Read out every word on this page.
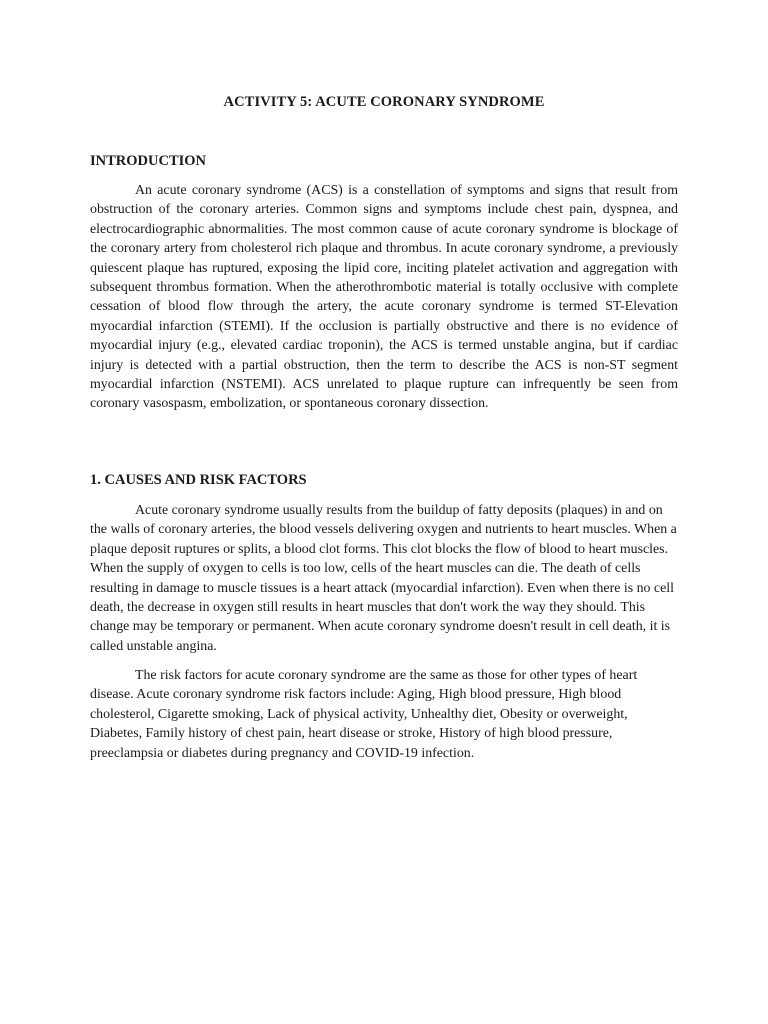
ACTIVITY 5: ACUTE CORONARY SYNDROME
INTRODUCTION

An acute coronary syndrome (ACS) is a constellation of symptoms and signs that result from obstruction of the coronary arteries. Common signs and symptoms include chest pain, dyspnea, and electrocardiographic abnormalities. The most common cause of acute coronary syndrome is blockage of the coronary artery from cholesterol rich plaque and thrombus. In acute coronary syndrome, a previously quiescent plaque has ruptured, exposing the lipid core, inciting platelet activation and aggregation with subsequent thrombus formation. When the atherothrombotic material is totally occlusive with complete cessation of blood flow through the artery, the acute coronary syndrome is termed ST-Elevation myocardial infarction (STEMI). If the occlusion is partially obstructive and there is no evidence of myocardial injury (e.g., elevated cardiac troponin), the ACS is termed unstable angina, but if cardiac injury is detected with a partial obstruction, then the term to describe the ACS is non-ST segment myocardial infarction (NSTEMI). ACS unrelated to plaque rupture can infrequently be seen from coronary vasospasm, embolization, or spontaneous coronary dissection.

1. CAUSES AND RISK FACTORS

Acute coronary syndrome usually results from the buildup of fatty deposits (plaques) in and on the walls of coronary arteries, the blood vessels delivering oxygen and nutrients to heart muscles. When a plaque deposit ruptures or splits, a blood clot forms. This clot blocks the flow of blood to heart muscles. When the supply of oxygen to cells is too low, cells of the heart muscles can die. The death of cells resulting in damage to muscle tissues is a heart attack (myocardial infarction). Even when there is no cell death, the decrease in oxygen still results in heart muscles that don't work the way they should. This change may be temporary or permanent. When acute coronary syndrome doesn't result in cell death, it is called unstable angina.

The risk factors for acute coronary syndrome are the same as those for other types of heart disease. Acute coronary syndrome risk factors include: Aging, High blood pressure, High blood cholesterol, Cigarette smoking, Lack of physical activity, Unhealthy diet, Obesity or overweight, Diabetes, Family history of chest pain, heart disease or stroke, History of high blood pressure, preeclampsia or diabetes during pregnancy and COVID-19 infection.
